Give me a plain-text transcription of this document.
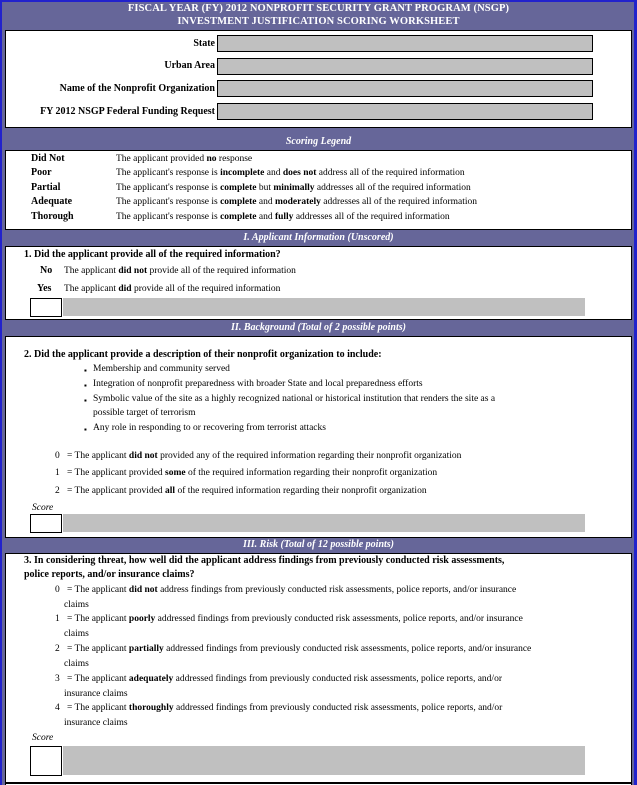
FISCAL YEAR (FY) 2012 NONPROFIT SECURITY GRANT PROGRAM (NSGP)
INVESTMENT JUSTIFICATION SCORING WORKSHEET
State
Urban Area
Name of the Nonprofit Organization
FY 2012 NSGP Federal Funding Request
Scoring Legend
Did Not	The applicant provided no response
Poor	The applicant's response is incomplete and does not address all of the required information
Partial	The applicant's response is complete but minimally addresses all of the required information
Adequate	The applicant's response is complete and moderately addresses all of the required information
Thorough	The applicant's response is complete and fully addresses all of the required information
I. Applicant Information (Unscored)
1. Did the applicant provide all of the required information?
No The applicant did not provide all of the required information
Yes The applicant did provide all of the required information
II. Background (Total of 2 possible points)
2. Did the applicant provide a description of their nonprofit organization to include:
▪ Membership and community served
▪ Integration of nonprofit preparedness with broader State and local preparedness efforts
▪ Symbolic value of the site as a highly recognized national or historical institution that renders the site as a
possible target of terrorism
▪ Any role in responding to or recovering from terrorist attacks
0 = The applicant did not provided any of the required information regarding their nonprofit organization
1 = The applicant provided some of the required information regarding their nonprofit organization
2 = The applicant provided all of the required information regarding their nonprofit organization
Score
III. Risk (Total of 12 possible points)
3. In considering threat, how well did the applicant address findings from previously conducted risk assessments,
police reports, and/or insurance claims?
0 = The applicant did not address findings from previously conducted risk assessments, police reports, and/or insurance
claims
1 = The applicant poorly addressed findings from previously conducted risk assessments, police reports, and/or insurance
claims
2 = The applicant partially addressed findings from previously conducted risk assessments, police reports, and/or insurance
claims
3 = The applicant adequately addressed findings from previously conducted risk assessments, police reports, and/or
insurance claims
4 = The applicant thoroughly addressed findings from previously conducted risk assessments, police reports, and/or
insurance claims
Score
